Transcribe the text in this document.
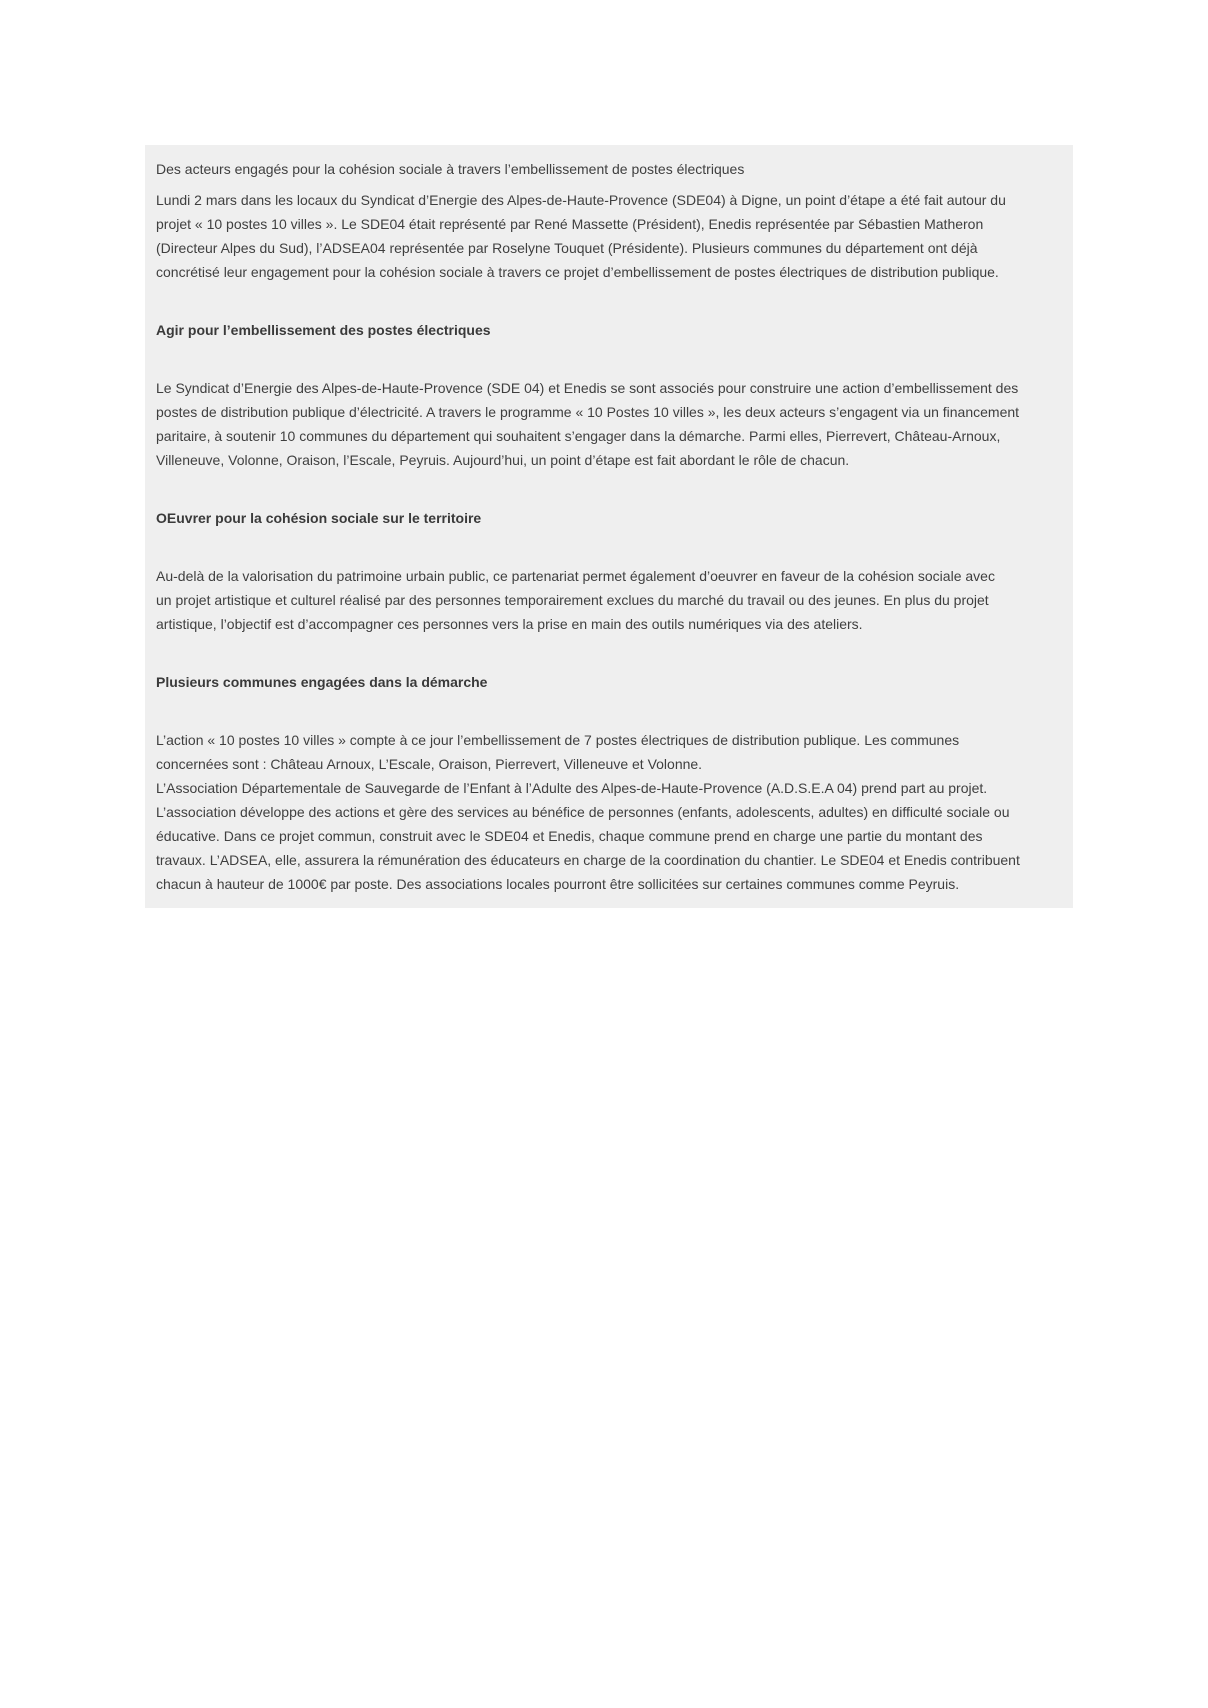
Des acteurs engagés pour la cohésion sociale à travers l’embellissement de postes électriques

Lundi 2 mars dans les locaux du Syndicat d’Energie des Alpes-de-Haute-Provence (SDE04) à Digne, un point d’étape a été fait autour du
projet « 10 postes 10 villes ». Le SDE04 était représenté par René Massette (Président), Enedis représentée par Sébastien Matheron
(Directeur Alpes du Sud), l’ADSEA04 représentée par Roselyne Touquet (Présidente). Plusieurs communes du département ont déjà
concrétisé leur engagement pour la cohésion sociale à travers ce projet d’embellissement de postes électriques de distribution publique.

Agir pour l’embellissement des postes électriques

Le Syndicat d’Energie des Alpes-de-Haute-Provence (SDE 04) et Enedis se sont associés pour construire une action d’embellissement des
postes de distribution publique d’électricité. A travers le programme « 10 Postes 10 villes », les deux acteurs s’engagent via un financement
paritaire, à soutenir 10 communes du département qui souhaitent s’engager dans la démarche. Parmi elles, Pierrevert, Château-Arnoux,
Villeneuve, Volonne, Oraison, l’Escale, Peyruis. Aujourd’hui, un point d’étape est fait abordant le rôle de chacun.

OEuvrer pour la cohésion sociale sur le territoire

Au-delà de la valorisation du patrimoine urbain public, ce partenariat permet également d’oeuvrer en faveur de la cohésion sociale avec
un projet artistique et culturel réalisé par des personnes temporairement exclues du marché du travail ou des jeunes. En plus du projet
artistique, l’objectif est d’accompagner ces personnes vers la prise en main des outils numériques via des ateliers.

Plusieurs communes engagées dans la démarche

L’action « 10 postes 10 villes » compte à ce jour l’embellissement de 7 postes électriques de distribution publique. Les communes
concernées sont : Château Arnoux, L’Escale, Oraison, Pierrevert, Villeneuve et Volonne.
L’Association Départementale de Sauvegarde de l’Enfant à l’Adulte des Alpes-de-Haute-Provence (A.D.S.E.A 04) prend part au projet.
L’association développe des actions et gère des services au bénéfice de personnes (enfants, adolescents, adultes) en difficulté sociale ou
éducative. Dans ce projet commun, construit avec le SDE04 et Enedis, chaque commune prend en charge une partie du montant des
travaux. L’ADSEA, elle, assurera la rémunération des éducateurs en charge de la coordination du chantier. Le SDE04 et Enedis contribuent
chacun à hauteur de 1000€ par poste. Des associations locales pourront être sollicitées sur certaines communes comme Peyruis.
